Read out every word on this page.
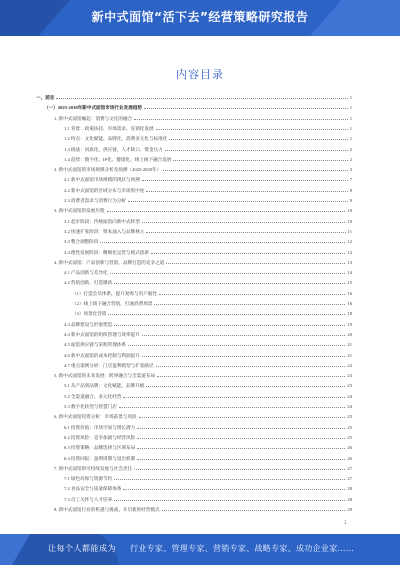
新中式面馆“活下去”经营策略研究报告
内容目录
一、前言	1
（一）2025-2030年新中式面馆市场行业发展趋势	1
1. 新中式面馆崛起：消费与文化的融合	1
1.1 背景：政策扶持、市场需求、连锁化发展	1
1.2 特点：文化赋能、品牌化、消费多元化与标准化	1
1.3 挑战：同质化、供应链、人才缺口、资金压力	2
1.4 趋势：数字化、IP化、健康化、线上线下融合发展	2
2. 新中式面馆的市场规模分析及预测（2025-2030年）	3
2.1 新中式面馆市场规模的现状与预测	7
2.2 新中式面馆的区域分布与市场集中度	8
2.3 消费者需求与消费行为分析	9
3. 新中式面馆的发展历程	10
3.1 起步阶段：传统面馆向新中式转型	10
3.2 快速扩张阶段：资本涌入与品牌林立	11
3.3 整合调整阶段	12
3.4 理性发展阶段：精细化运营与模式创新	12
4. 新中式面馆：产品创新与营销、品牌打造的竞争之道	13
4.1 产品创新与差异化	14
4.2 营销创新，打造爆款	15
（1）打造会员体系，提升复购与用户黏性	16
（2）线上线下融合营销，打通消费场景	16
（3）场景化营销	18
4.3 品牌建设与形象塑造	19
4.4 新中式面馆的组织管理与效率提升	20
4.5 面馆供应链与采购管理体系	21
4.6 新中式面馆的成本控制与利润提升	21
4.7 重点案例分析：门店盈利模型与扩张路径	22
5. 新中式面馆的未来发展：跨界融合与全渠道布局	23
5.1 从产品到品牌：文化赋能、品牌升级	23
5.2 全渠道融合、多元化经营	24
5.3 数字化转型与智慧门店	24
6. 新中式面馆投资分析：市场前景与风险	25
6.1 投资价值：市场空间与增长潜力	25
6.2 投资风险：竞争加剧与经营风险	25
6.3 投资策略：品牌选择与区域布局	26
6.4 投资回报：盈利周期与退出机制	26
7. 新中式面馆的可持续发展与社会责任	27
7.1 绿色环保与资源节约	27
7.2 食品安全与质量保障体系	28
7.3 员工关怀与人才培养	28
8. 新中式面馆行业的机遇与挑战，开启新的经营模式	29
1
让每个人都能成为 行业专家、管理专家、营销专家、战略专家、成功企业家……
